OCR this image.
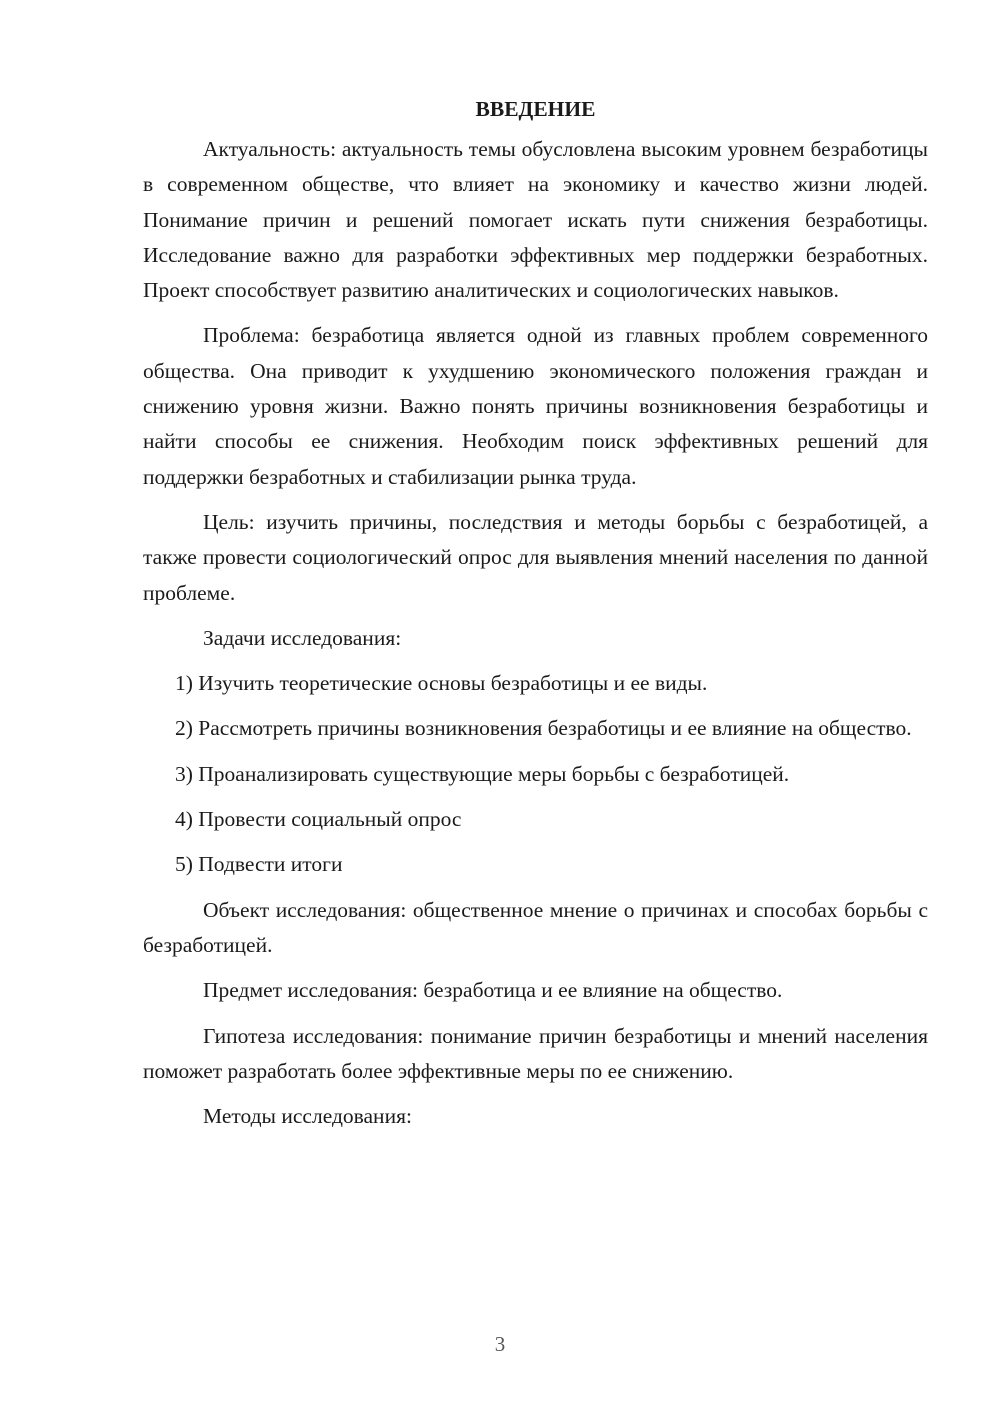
ВВЕДЕНИЕ

Актуальность: актуальность темы обусловлена высоким уровнем безработицы в современном обществе, что влияет на экономику и качество жизни людей. Понимание причин и решений помогает искать пути снижения безработицы. Исследование важно для разработки эффективных мер поддержки безработных. Проект способствует развитию аналитических и социологических навыков.

Проблема: безработица является одной из главных проблем современного общества. Она приводит к ухудшению экономического положения граждан и снижению уровня жизни. Важно понять причины возникновения безработицы и найти способы ее снижения. Необходим поиск эффективных решений для поддержки безработных и стабилизации рынка труда.

Цель: изучить причины, последствия и методы борьбы с безработицей, а также провести социологический опрос для выявления мнений населения по данной проблеме.

Задачи исследования:

1) Изучить теоретические основы безработицы и ее виды.

2) Рассмотреть причины возникновения безработицы и ее влияние на общество.

3) Проанализировать существующие меры борьбы с безработицей.

4) Провести социальный опрос

5) Подвести итоги

Объект исследования: общественное мнение о причинах и способах борьбы с безработицей.

Предмет исследования: безработица и ее влияние на общество.

Гипотеза исследования: понимание причин безработицы и мнений населения поможет разработать более эффективные меры по ее снижению.

Методы исследования:

3
